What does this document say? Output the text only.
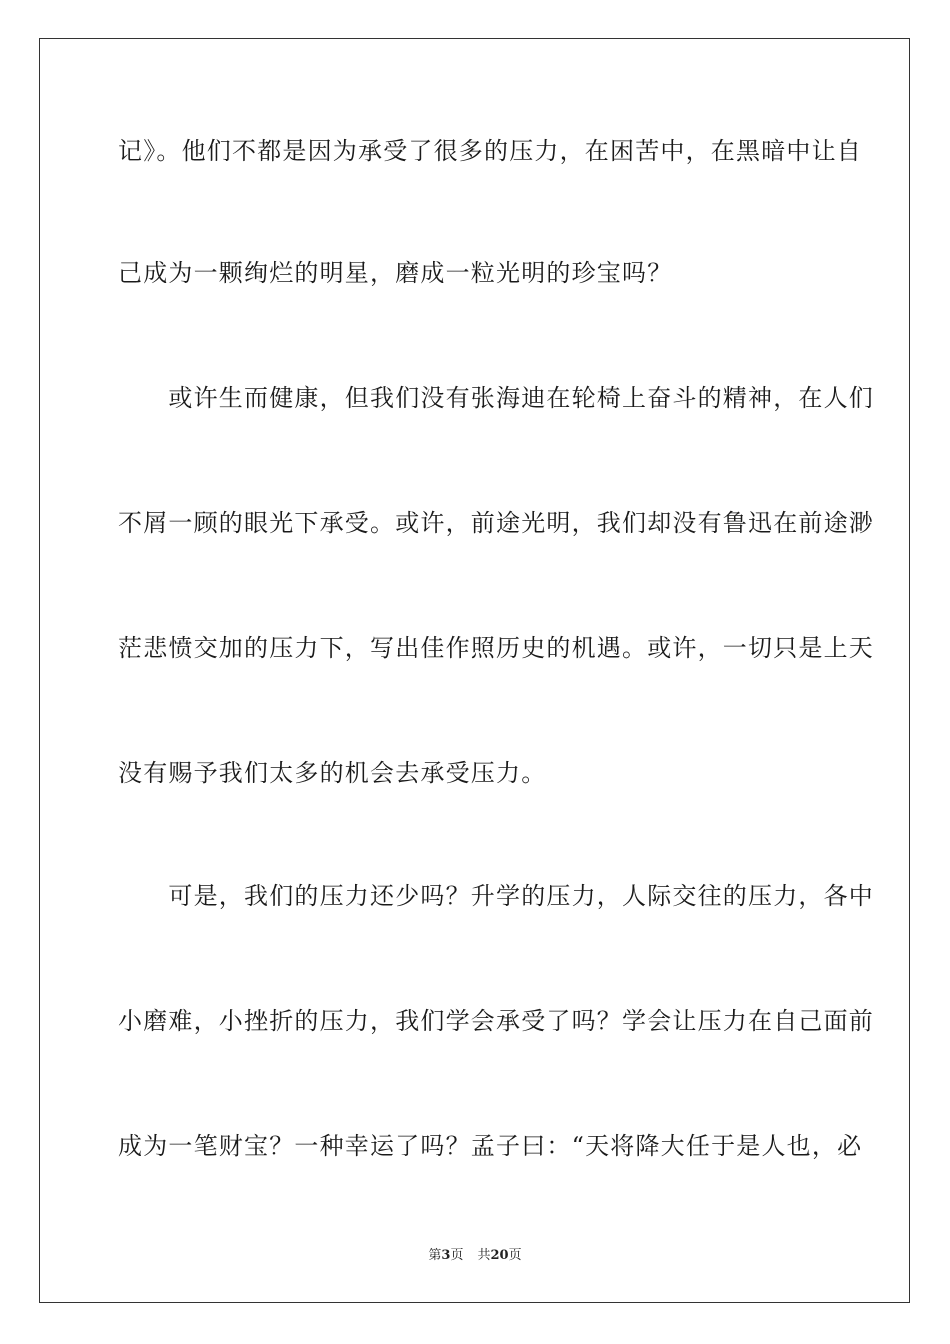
记》。他们不都是因为承受了很多的压力，在困苦中，在黑暗中让自
己成为一颗绚烂的明星，磨成一粒光明的珍宝吗？
　　或许生而健康，但我们没有张海迪在轮椅上奋斗的精神，在人们
不屑一顾的眼光下承受。或许，前途光明，我们却没有鲁迅在前途渺
茫悲愤交加的压力下，写出佳作照历史的机遇。或许，一切只是上天
没有赐予我们太多的机会去承受压力。
　　可是，我们的压力还少吗？升学的压力，人际交往的压力，各中
小磨难，小挫折的压力，我们学会承受了吗？学会让压力在自己面前
成为一笔财宝？一种幸运了吗？孟子曰：“天将降大任于是人也，必
第3页 共20页
